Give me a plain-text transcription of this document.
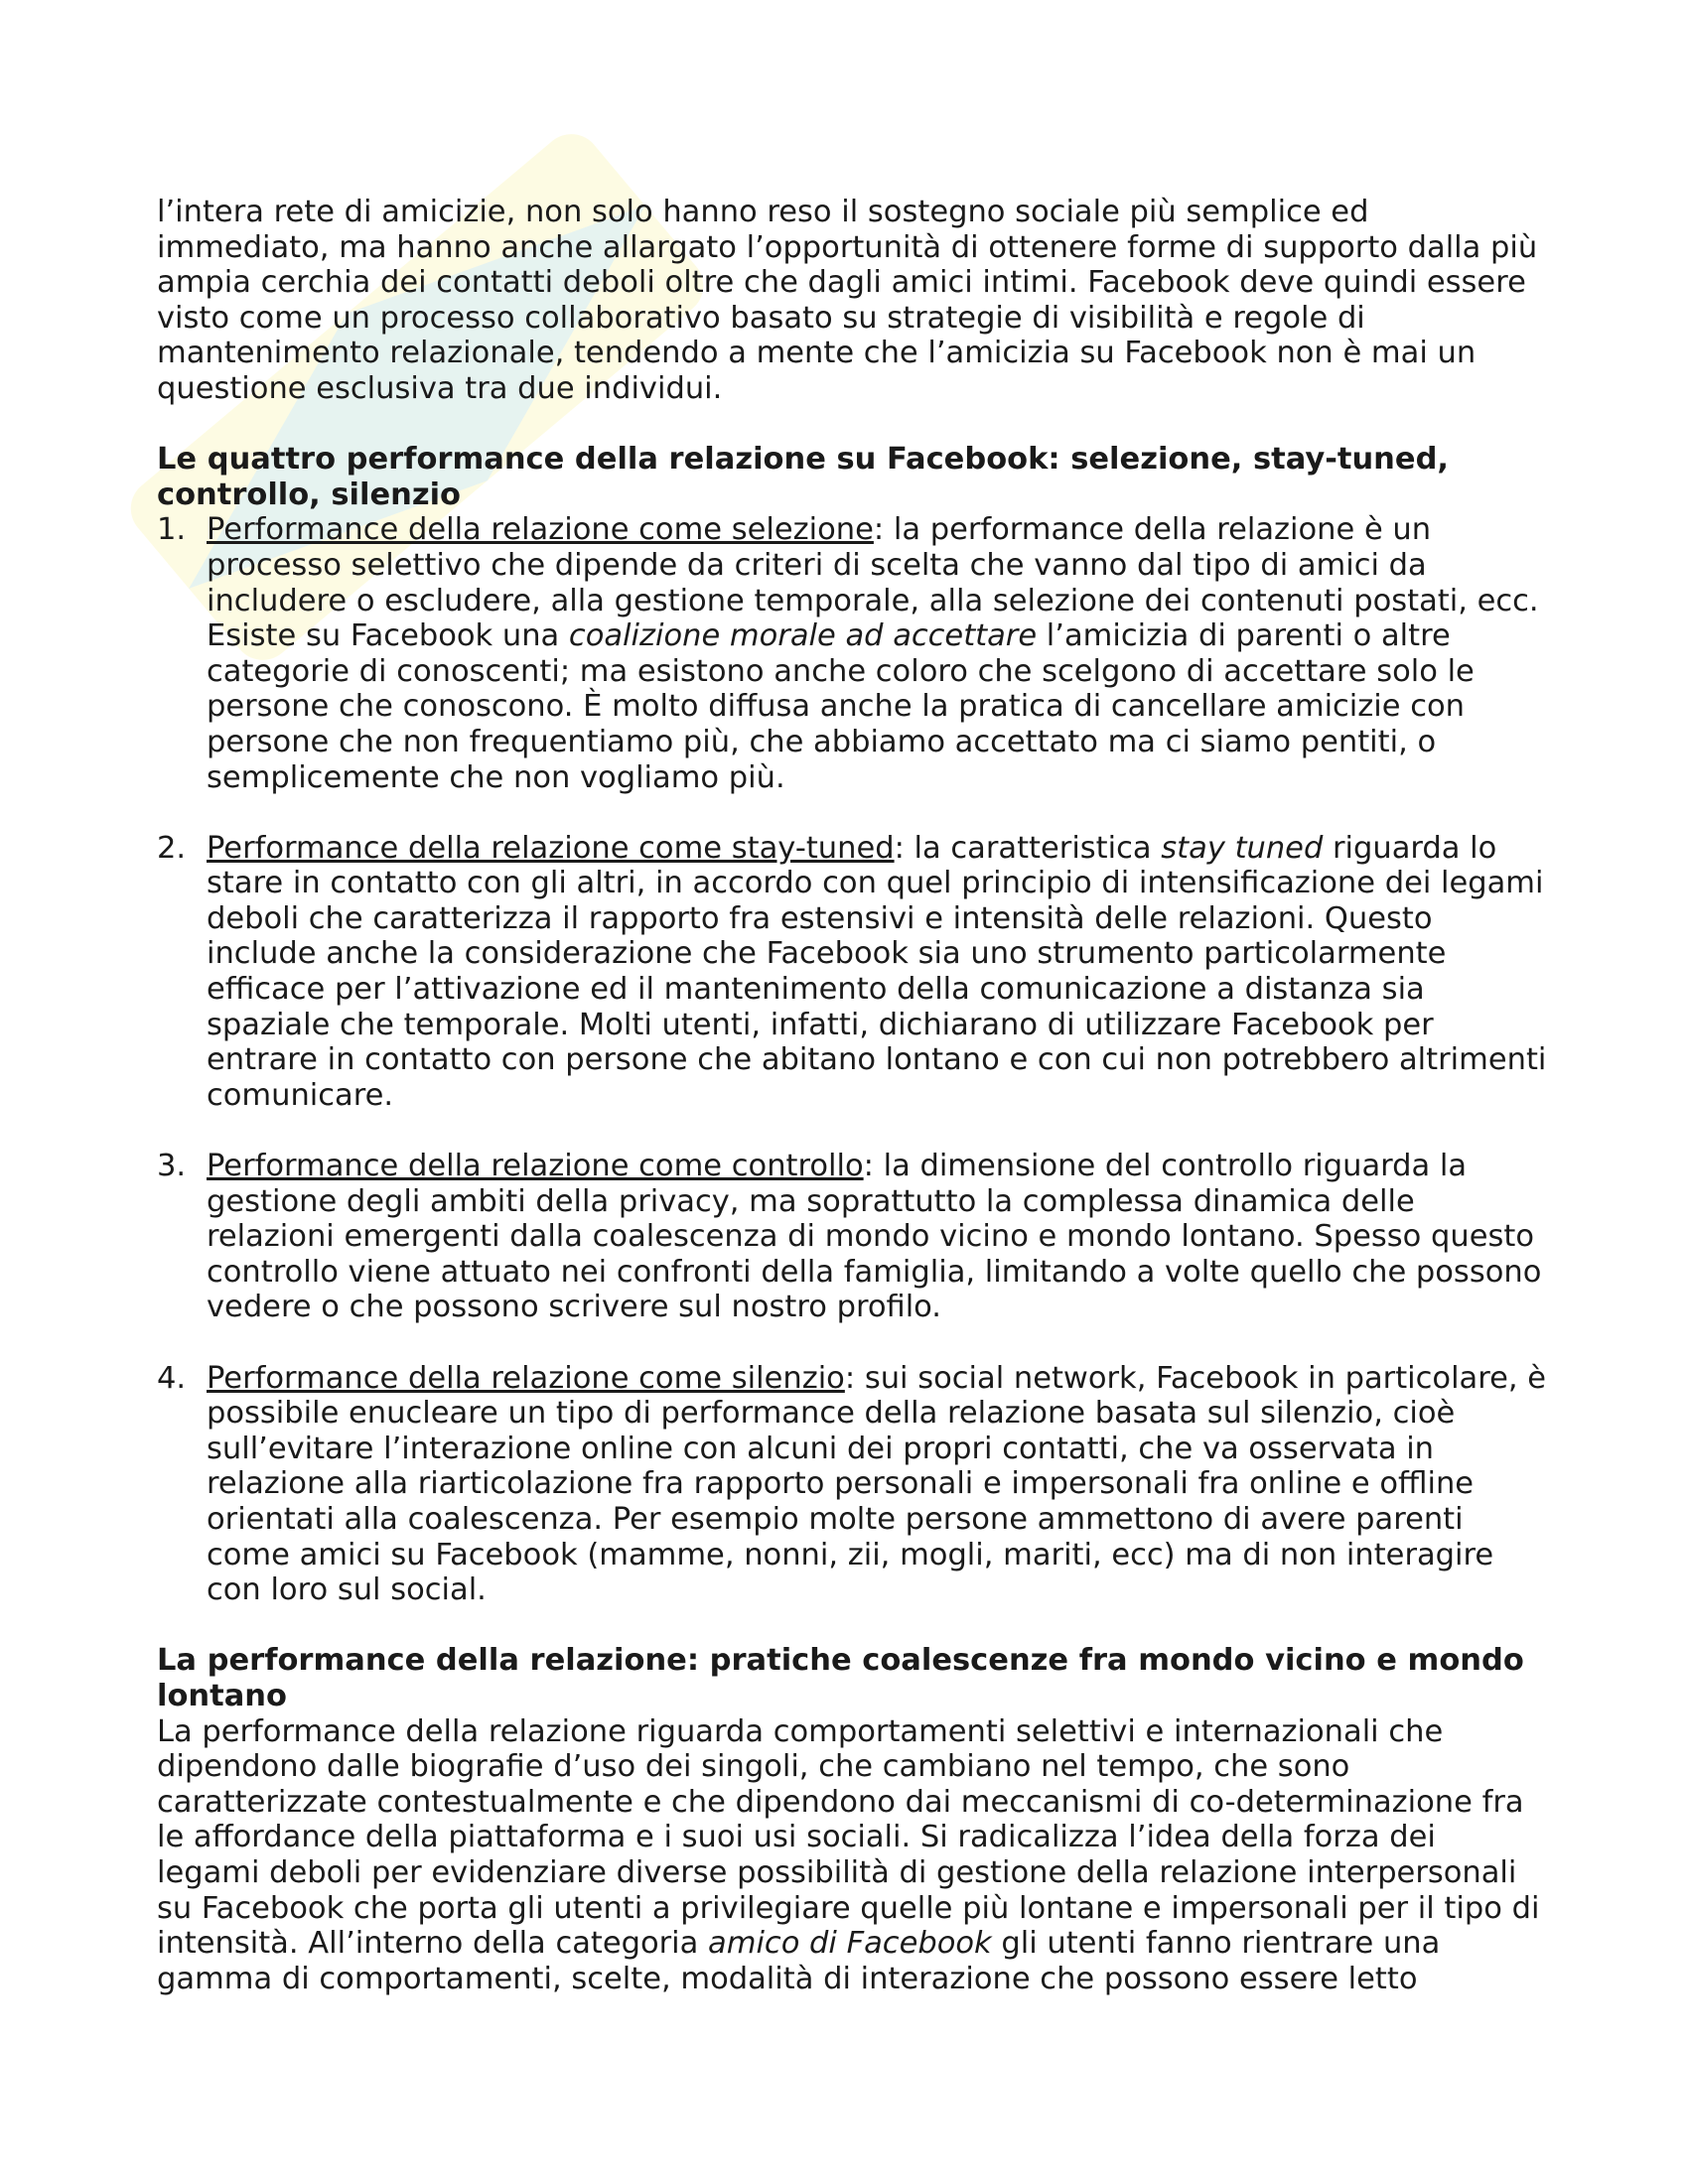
l’intera rete di amicizie, non solo hanno reso il sostegno sociale più semplice ed immediato, ma hanno anche allargato l’opportunità di ottenere forme di supporto dalla più ampia cerchia dei contatti deboli oltre che dagli amici intimi. Facebook deve quindi essere visto come un processo collaborativo basato su strategie di visibilità e regole di mantenimento relazionale, tendendo a mente che l’amicizia su Facebook non è mai un questione esclusiva tra due individui.

Le quattro performance della relazione su Facebook: selezione, stay-tuned, controllo, silenzio
1. Performance della relazione come selezione: la performance della relazione è un processo selettivo che dipende da criteri di scelta che vanno dal tipo di amici da includere o escludere, alla gestione temporale, alla selezione dei contenuti postati, ecc. Esiste su Facebook una coalizione morale ad accettare l’amicizia di parenti o altre categorie di conoscenti; ma esistono anche coloro che scelgono di accettare solo le persone che conoscono. È molto diffusa anche la pratica di cancellare amicizie con persone che non frequentiamo più, che abbiamo accettato ma ci siamo pentiti, o semplicemente che non vogliamo più.
2. Performance della relazione come stay-tuned: la caratteristica stay tuned riguarda lo stare in contatto con gli altri, in accordo con quel principio di intensificazione dei legami deboli che caratterizza il rapporto fra estensivi e intensità delle relazioni. Questo include anche la considerazione che Facebook sia uno strumento particolarmente efficace per l’attivazione ed il mantenimento della comunicazione a distanza sia spaziale che temporale. Molti utenti, infatti, dichiarano di utilizzare Facebook per entrare in contatto con persone che abitano lontano e con cui non potrebbero altrimenti comunicare.
3. Performance della relazione come controllo: la dimensione del controllo riguarda la gestione degli ambiti della privacy, ma soprattutto la complessa dinamica delle relazioni emergenti dalla coalescenza di mondo vicino e mondo lontano. Spesso questo controllo viene attuato nei confronti della famiglia, limitando a volte quello che possono vedere o che possono scrivere sul nostro profilo.
4. Performance della relazione come silenzio: sui social network, Facebook in particolare, è possibile enucleare un tipo di performance della relazione basata sul silenzio, cioè sull’evitare l’interazione online con alcuni dei propri contatti, che va osservata in relazione alla riarticolazione fra rapporto personali e impersonali fra online e offline orientati alla coalescenza. Per esempio molte persone ammettono di avere parenti come amici su Facebook (mamme, nonni, zii, mogli, mariti, ecc) ma di non interagire con loro sul social.
La performance della relazione: pratiche coalescenze fra mondo vicino e mondo lontano

La performance della relazione riguarda comportamenti selettivi e internazionali che dipendono dalle biografie d’uso dei singoli, che cambiano nel tempo, che sono caratterizzate contestualmente e che dipendono dai meccanismi di co-determinazione fra le affordance della piattaforma e i suoi usi sociali. Si radicalizza l’idea della forza dei legami deboli per evidenziare diverse possibilità di gestione della relazione interpersonali su Facebook che porta gli utenti a privilegiare quelle più lontane e impersonali per il tipo di intensità. All’interno della categoria amico di Facebook gli utenti fanno rientrare una gamma di comportamenti, scelte, modalità di interazione che possono essere letto
